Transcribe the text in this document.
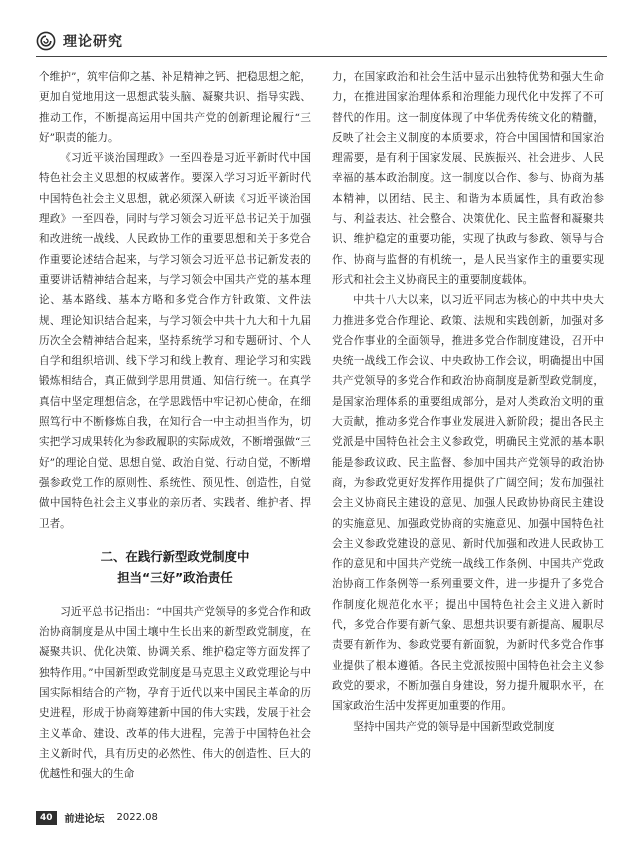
理论研究

个维护”，筑牢信仰之基、补足精神之钙、把稳思想之舵，更加自觉地用这一思想武装头脑、凝聚共识、指导实践、推动工作，不断提高运用中国共产党的创新理论履行“三好”职责的能力。

《习近平谈治国理政》一至四卷是习近平新时代中国特色社会主义思想的权威著作。要深入学习习近平新时代中国特色社会主义思想，就必须深入研读《习近平谈治国理政》一至四卷，同时与学习领会习近平总书记关于加强和改进统一战线、人民政协工作的重要思想和关于多党合作重要论述结合起来，与学习领会习近平总书记新发表的重要讲话精神结合起来，与学习领会中国共产党的基本理论、基本路线、基本方略和多党合作方针政策、文件法规、理论知识结合起来，与学习领会中共十九大和十九届历次全会精神结合起来，坚持系统学习和专题研讨、个人自学和组织培训、线下学习和线上教育、理论学习和实践锻炼相结合，真正做到学思用贯通、知信行统一。在真学真信中坚定理想信念，在学思践悟中牢记初心使命，在细照笃行中不断修炼自我，在知行合一中主动担当作为，切实把学习成果转化为参政履职的实际成效，不断增强做“三好”的理论自觉、思想自觉、政治自觉、行动自觉，不断增强参政党工作的原则性、系统性、预见性、创造性，自觉做中国特色社会主义事业的亲历者、实践者、维护者、捍卫者。

二、在践行新型政党制度中
担当“三好”政治责任

习近平总书记指出：“中国共产党领导的多党合作和政治协商制度是从中国土壤中生长出来的新型政党制度，在凝聚共识、优化决策、协调关系、维护稳定等方面发挥了独特作用。”中国新型政党制度是马克思主义政党理论与中国实际相结合的产物，孕育于近代以来中国民主革命的历史进程，形成于协商筹建新中国的伟大实践，发展于社会主义革命、建设、改革的伟大进程，完善于中国特色社会主义新时代，具有历史的必然性、伟大的创造性、巨大的优越性和强大的生命

力，在国家政治和社会生活中显示出独特优势和强大生命力，在推进国家治理体系和治理能力现代化中发挥了不可替代的作用。这一制度体现了中华优秀传统文化的精髓，反映了社会主义制度的本质要求，符合中国国情和国家治理需要，是有利于国家发展、民族振兴、社会进步、人民幸福的基本政治制度。这一制度以合作、参与、协商为基本精神，以团结、民主、和谐为本质属性，具有政治参与、利益表达、社会整合、决策优化、民主监督和凝聚共识、维护稳定的重要功能，实现了执政与参政、领导与合作、协商与监督的有机统一，是人民当家作主的重要实现形式和社会主义协商民主的重要制度载体。

中共十八大以来，以习近平同志为核心的中共中央大力推进多党合作理论、政策、法规和实践创新，加强对多党合作事业的全面领导，推进多党合作制度建设，召开中央统一战线工作会议、中央政协工作会议，明确提出中国共产党领导的多党合作和政治协商制度是新型政党制度，是国家治理体系的重要组成部分，是对人类政治文明的重大贡献，推动多党合作事业发展进入新阶段；提出各民主党派是中国特色社会主义参政党，明确民主党派的基本职能是参政议政、民主监督、参加中国共产党领导的政治协商，为参政党更好发挥作用提供了广阔空间；发布加强社会主义协商民主建设的意见、加强人民政协协商民主建设的实施意见、加强政党协商的实施意见、加强中国特色社会主义参政党建设的意见、新时代加强和改进人民政协工作的意见和中国共产党统一战线工作条例、中国共产党政治协商工作条例等一系列重要文件，进一步提升了多党合作制度化规范化水平；提出中国特色社会主义进入新时代，多党合作要有新气象、思想共识要有新提高、履职尽责要有新作为、参政党要有新面貌，为新时代多党合作事业提供了根本遵循。各民主党派按照中国特色社会主义参政党的要求，不断加强自身建设，努力提升履职水平，在国家政治生活中发挥更加重要的作用。

坚持中国共产党的领导是中国新型政党制度

40	前进论坛 2022.08
